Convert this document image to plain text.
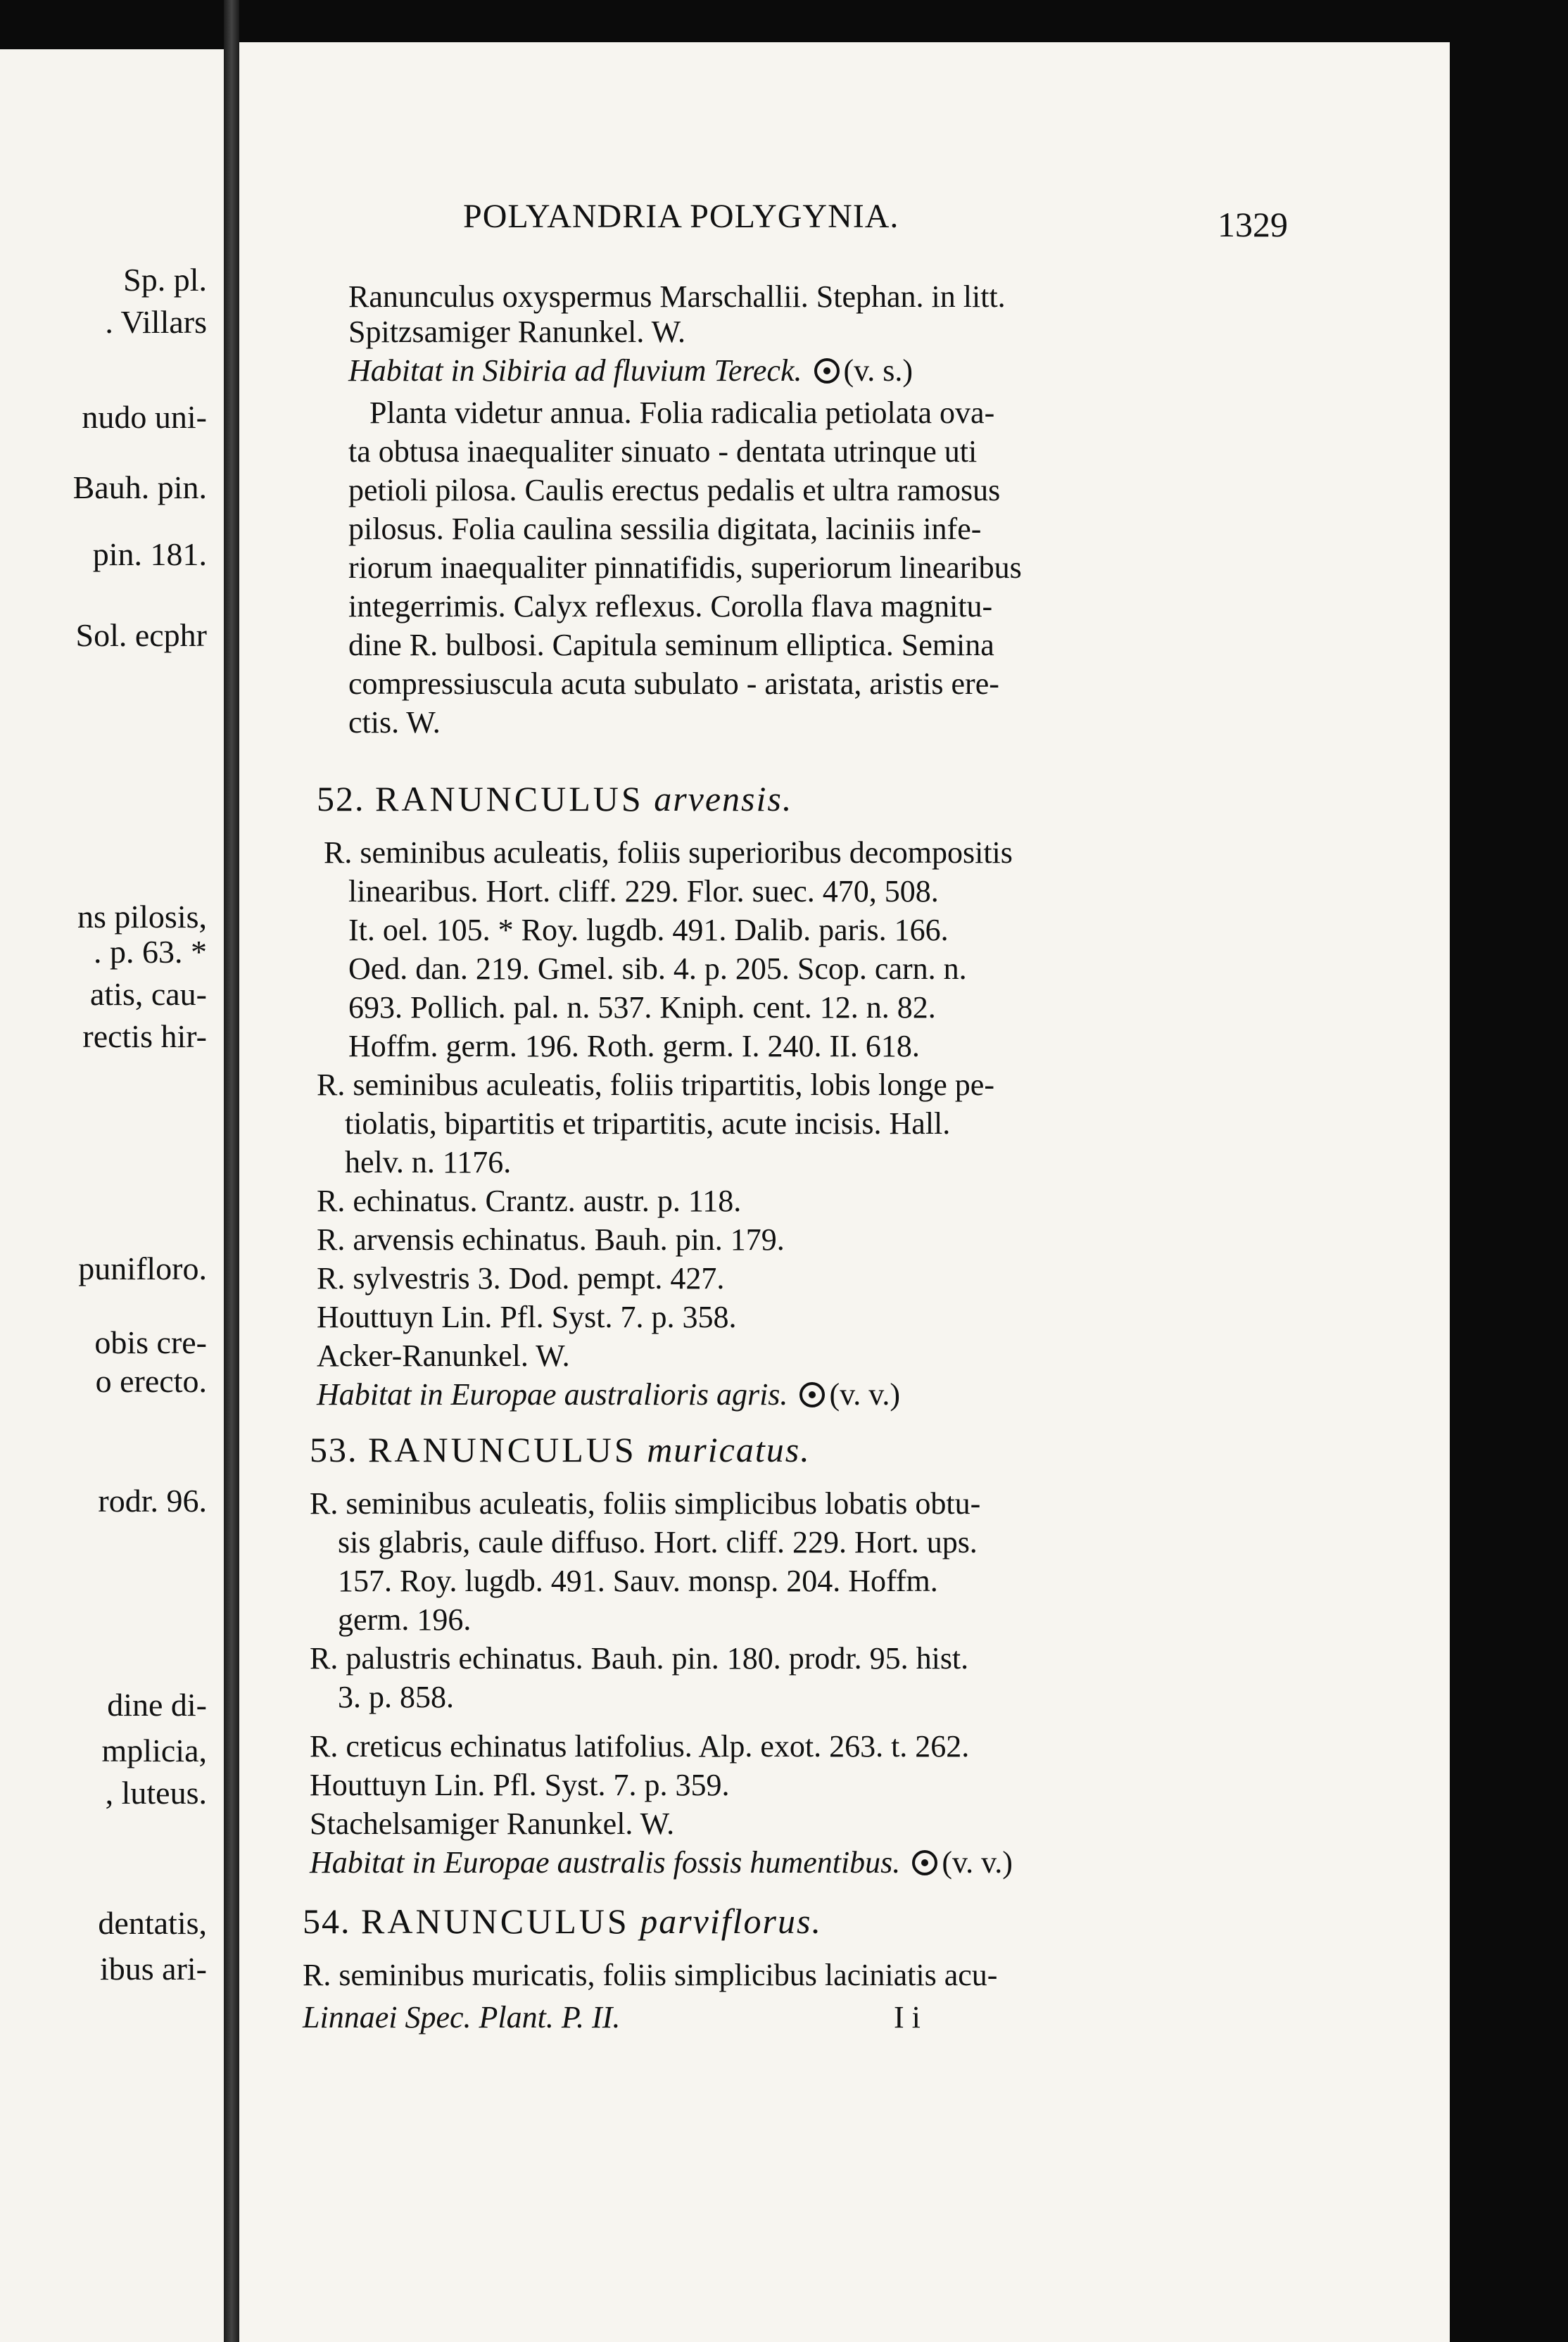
Sp. pl.
. Villars
nudo uni-
Bauh. pin.
pin. 181.
Sol. ecphr
ns pilosis,
. p. 63. *
atis, cau-
rectis hir-
puniflоro.
obis cre-
o erecto.
rodr. 96.
dine di-
mplicia,
, luteus.
dentatis,
ibus ari-
POLYANDRIA POLYGYNIA.	1329
Ranunculus oxyspermus Marschallii. Stephan. in litt.
Spitzsamiger Ranunkel. W.
Habitat in Sibiria ad fluvium Tereck. (v. s.)
Planta videtur annua. Folia radicalia petiolata ova-
ta obtusa inaequaliter sinuato - dentata utrinque uti
petioli pilosa. Caulis erectus pedalis et ultra ramosus
pilosus. Folia caulina sessilia digitata, laciniis infe-
riorum inaequaliter pinnatifidis, superiorum linearibus
integerrimis. Calyx reflexus. Corolla flava magnitu-
dine R. bulbosi. Capitula seminum elliptica. Semina
compressiuscula acuta subulato - aristata, aristis ere-
ctis. W.
52. RANUNCULUS arvensis.
R. seminibus aculeatis, foliis superioribus decompositis
linearibus. Hort. cliff. 229. Flor. suec. 470, 508.
It. oel. 105. * Roy. lugdb. 491. Dalib. paris. 166.
Oed. dan. 219. Gmel. sib. 4. p. 205. Scop. carn. n.
693. Pollich. pal. n. 537. Kniph. cent. 12. n. 82.
Hoffm. germ. 196. Roth. germ. I. 240. II. 618.
R. seminibus aculeatis, foliis tripartitis, lobis longe pe-
tiolatis, bipartitis et tripartitis, acute incisis. Hall.
helv. n. 1176.
R. echinatus. Crantz. austr. p. 118.
R. arvensis echinatus. Bauh. pin. 179.
R. sylvestris 3. Dod. pempt. 427.
Houttuyn Lin. Pfl. Syst. 7. p. 358.
Acker-Ranunkel. W.
Habitat in Europae australioris agris. (v. v.)
53. RANUNCULUS muricatus.
R. seminibus aculeatis, foliis simplicibus lobatis obtu-
sis glabris, caule diffuso. Hort. cliff. 229. Hort. ups.
157. Roy. lugdb. 491. Sauv. monsp. 204. Hoffm.
germ. 196.
R. palustris echinatus. Bauh. pin. 180. prodr. 95. hist.
3. p. 858.
R. creticus echinatus latifolius. Alp. exot. 263. t. 262.
Houttuyn Lin. Pfl. Syst. 7. p. 359.
Stachelsamiger Ranunkel. W.
Habitat in Europae australis fossis humentibus. (v. v.)
54. RANUNCULUS parviflorus.
R. seminibus muricatis, foliis simplicibus laciniatis acu-
Linnaei Spec. Plant. P. II.	I i
